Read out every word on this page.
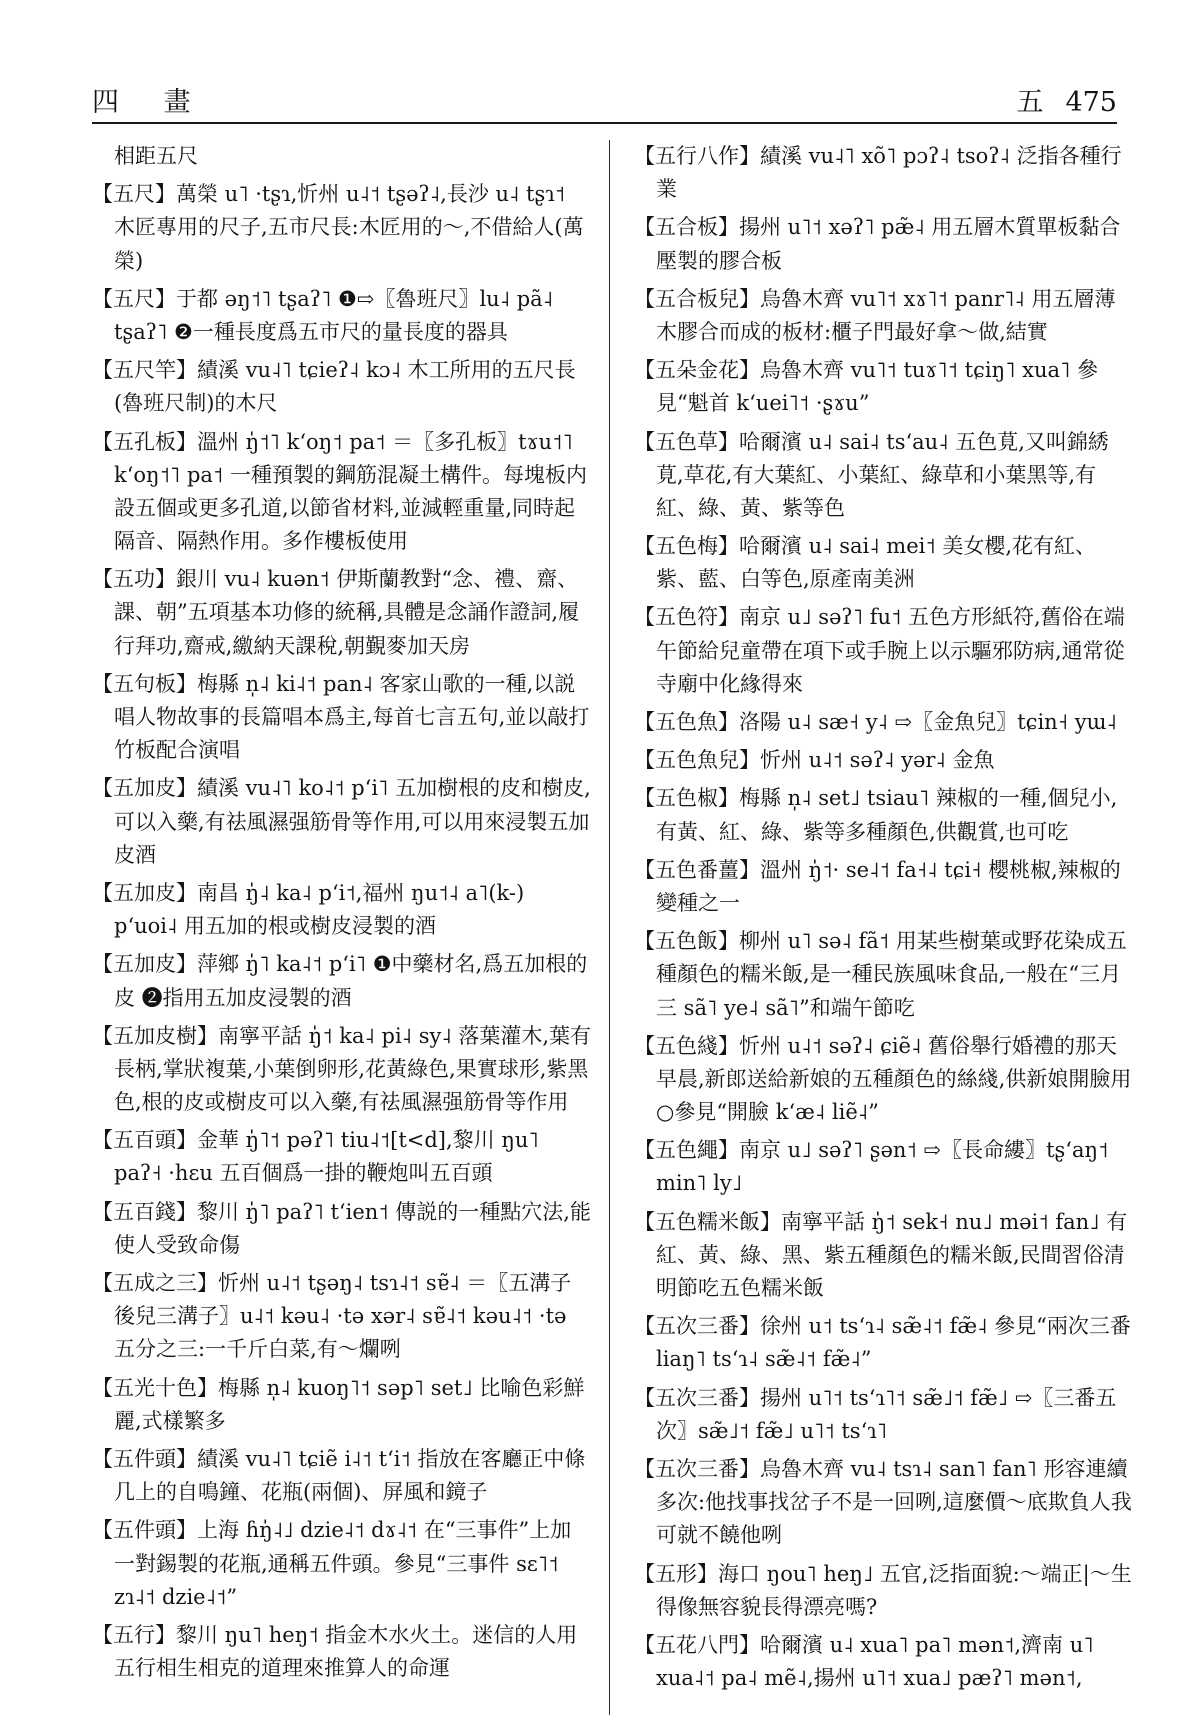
四 畫	五 475

相距五尺

【五尺】萬榮 u˥ ·tʂɿ,忻州 u˨˦ tʂəʔ˨,長沙 u˨ tʂɿ˦ 木匠專用的尺子,五市尺長:木匠用的～,不借給人(萬榮)

【五尺】于都 əŋ˦˥ tʂaʔ˥ ❶⇨〖魯班尺〗lu˨ pã˨ tʂaʔ˥ ❷一種長度爲五市尺的量長度的器具

【五尺竿】績溪 vu˨˥ tɕieʔ˨ kɔ˨ 木工所用的五尺長(魯班尺制)的木尺

【五孔板】溫州 ŋ̍˦˥ kʻoŋ˦ pa˦ ＝〖多孔板〗tɤu˦˥ kʻoŋ˦˥ pa˦ 一種預製的鋼筋混凝土構件。每塊板内設五個或更多孔道,以節省材料,並減輕重量,同時起隔音、隔熱作用。多作樓板使用

【五功】銀川 vu˨ kuən˦ 伊斯蘭教對“念、禮、齋、課、朝”五項基本功修的統稱,具體是念誦作證詞,履行拜功,齋戒,繳納天課稅,朝覲麥加天房

【五句板】梅縣 n̩˨ ki˨˦ pan˨ 客家山歌的一種,以説唱人物故事的長篇唱本爲主,每首七言五句,並以敲打竹板配合演唱

【五加皮】績溪 vu˨˥ ko˨˦ pʻi˥ 五加樹根的皮和樹皮,可以入藥,有祛風濕强筋骨等作用,可以用來浸製五加皮酒

【五加皮】南昌 ŋ̍˨ ka˨ pʻi˦,福州 ŋu˦˨ a˥(k-) pʻuoi˨ 用五加的根或樹皮浸製的酒

【五加皮】萍鄉 ŋ̍˥ ka˨˦ pʻi˥ ❶中藥材名,爲五加根的皮 ❷指用五加皮浸製的酒

【五加皮樹】南寧平話 ŋ̍˦ ka˨ pi˨ sy˨ 落葉灌木,葉有長柄,掌狀複葉,小葉倒卵形,花黃綠色,果實球形,紫黑色,根的皮或樹皮可以入藥,有祛風濕强筋骨等作用

【五百頭】金華 ŋ̍˥˦ pəʔ˥ tiu˨˦[t<d],黎川 ŋu˥ paʔ˧ ·hɛu 五百個爲一掛的鞭炮叫五百頭

【五百錢】黎川 ŋ̍˥ paʔ˥ tʻien˦ 傳説的一種點穴法,能使人受致命傷

【五成之三】忻州 u˨˦ tʂəŋ˨ tsɿ˨˦ sɐ̃˨ ＝〖五溝子後兒三溝子〗u˨˦ kəu˨ ·tə xər˨ sɐ̃˨˦ kəu˨˦ ·tə 五分之三:一千斤白菜,有～爛咧

【五光十色】梅縣 n̩˨ kuoŋ˥˦ səp˥ set˩ 比喻色彩鮮麗,式樣繁多

【五件頭】績溪 vu˨˥ tɕiẽ i˨˦ tʻi˦ 指放在客廳正中條几上的自鳴鐘、花瓶(兩個)、屏風和鏡子

【五件頭】上海 ɦŋ̍˨˩ dzie˨˦ dɤ˨˦ 在“三事件”上加一對錫製的花瓶,通稱五件頭。參見“三事件 sɛ˥˦ zɿ˨˦ dzie˨˦”

【五行】黎川 ŋu˥ heŋ˦ 指金木水火土。迷信的人用五行相生相克的道理來推算人的命運

【五行八作】績溪 vu˨˥ xõ˥ pɔʔ˨ tsoʔ˨ 泛指各種行業

【五合板】揚州 u˥˦ xəʔ˥ pæ̃˨ 用五層木質單板黏合壓製的膠合板

【五合板兒】烏魯木齊 vu˥˦ xɤ˥˦ panr˥˨ 用五層薄木膠合而成的板材:櫃子門最好拿～做,結實

【五朵金花】烏魯木齊 vu˥˦ tuɤ˥˦ tɕiŋ˥ xua˥ 參見“魁首 kʻuei˥˦ ·ʂɤu”

【五色草】哈爾濱 u˨ sai˨ tsʻau˨ 五色莧,又叫錦綉莧,草花,有大葉紅、小葉紅、綠草和小葉黑等,有紅、綠、黃、紫等色

【五色梅】哈爾濱 u˨ sai˨ mei˦ 美女櫻,花有紅、紫、藍、白等色,原產南美洲

【五色符】南京 u˩ səʔ˥ fu˦ 五色方形紙符,舊俗在端午節給兒童帶在項下或手腕上以示驅邪防病,通常從寺廟中化緣得來

【五色魚】洛陽 u˨ sæ˧ y˨ ⇨〖金魚兒〗tɕin˧ yɯ˨

【五色魚兒】忻州 u˨˦ səʔ˨ yər˨ 金魚

【五色椒】梅縣 n̩˨ set˩ tsiau˥ 辣椒的一種,個兒小,有黃、紅、綠、紫等多種顏色,供觀賞,也可吃

【五色番薑】溫州 ŋ̍˦· se˨˦ fa˧˨ tɕi˧ 櫻桃椒,辣椒的變種之一

【五色飯】柳州 u˥ sə˨ fã˦ 用某些樹葉或野花染成五種顏色的糯米飯,是一種民族風味食品,一般在“三月三 sã˥ ye˨ sã˥”和端午節吃

【五色綫】忻州 u˨˦ səʔ˨ ɕiẽ˨ 舊俗舉行婚禮的那天早晨,新郎送給新娘的五種顏色的絲綫,供新娘開臉用 ○參見“開臉 kʻæ˨ liẽ˨”

【五色繩】南京 u˩ səʔ˥ ʂən˦ ⇨〖長命縷〗tʂʻaŋ˦ min˥ ly˩

【五色糯米飯】南寧平話 ŋ̍˦ sek˧ nu˩ məi˦ fan˩ 有紅、黃、綠、黑、紫五種顏色的糯米飯,民間習俗清明節吃五色糯米飯

【五次三番】徐州 u˦ tsʻɿ˨ sæ̃˨˦ fæ̃˨ 參見“兩次三番 liaŋ˥ tsʻɿ˨ sæ̃˨˦ fæ̃˨”

【五次三番】揚州 u˥˦ tsʻɿ˥˦ sæ̃˩˦ fæ̃˩ ⇨〖三番五次〗sæ̃˩˦ fæ̃˩ u˥˦ tsʻɿ˥

【五次三番】烏魯木齊 vu˨ tsɿ˨ san˥ fan˥ 形容連續多次:他找事找岔子不是一回咧,這麼價～底欺負人我可就不饒他咧

【五形】海口 ŋou˥ heŋ˩ 五官,泛指面貌:～端正|～生得像無容貌長得漂亮嗎?

【五花八門】哈爾濱 u˨ xua˥ pa˥ mən˦,濟南 u˥ xua˨˦ pa˨ mẽ˨,揚州 u˥˦ xua˩ pæʔ˥ mən˦,
